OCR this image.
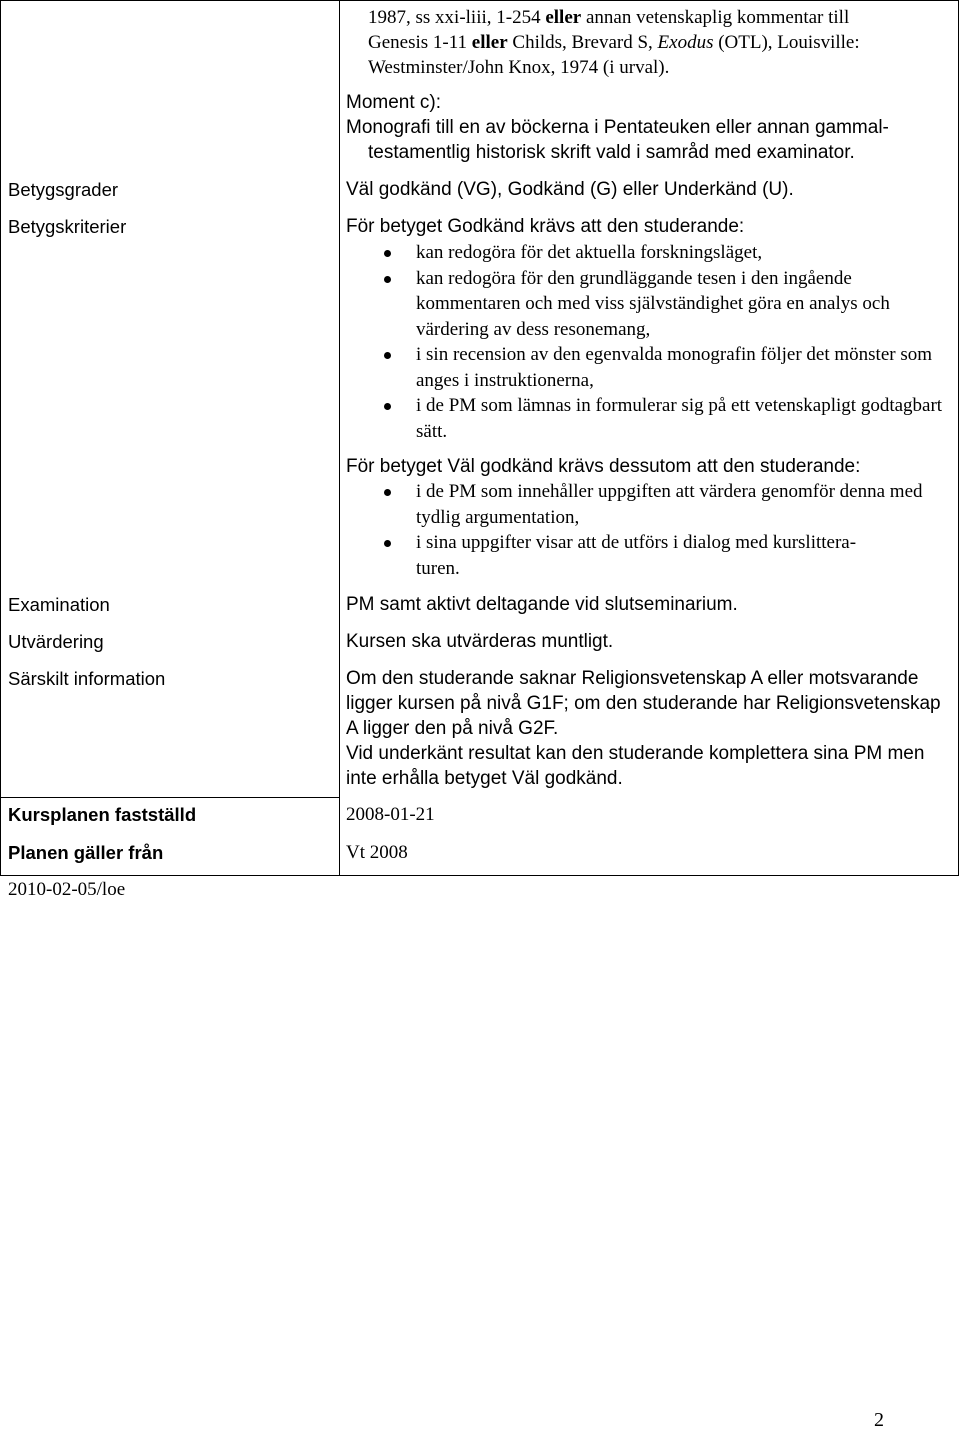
1987, ss xxi-liii, 1-254 eller annan vetenskaplig kommentar till
Genesis 1-11 eller Childs, Brevard S, Exodus (OTL), Louisville:
Westminster/John Knox, 1974 (i urval).
Moment c):
Monografi till en av böckerna i Pentateuken eller annan gammal-
testamentlig historisk skrift vald i samråd med examinator.
Betygsgrader	Väl godkänd (VG), Godkänd (G) eller Underkänd (U).
Betygskriterier	För betyget Godkänd krävs att den studerande:
kan redogöra för det aktuella forskningsläget,
kan redogöra för den grundläggande tesen i den ingående kommentaren och med viss självständighet göra en analys och värdering av dess resonemang,
i sin recension av den egenvalda monografin följer det mönster som anges i instruktionerna,
i de PM som lämnas in formulerar sig på ett vetenskapligt godtagbart sätt.
För betyget Väl godkänd krävs dessutom att den studerande:
i de PM som innehåller uppgiften att värdera genomför denna med tydlig argumentation,
i sina uppgifter visar att de utförs i dialog med kurslittera-
turen.
Examination	PM samt aktivt deltagande vid slutseminarium.
Utvärdering	Kursen ska utvärderas muntligt.
Särskilt information	Om den studerande saknar Religionsvetenskap A eller motsvarande ligger kursen på nivå G1F; om den studerande har Religionsvetenskap A ligger den på nivå G2F.
Vid underkänt resultat kan den studerande komplettera sina PM men inte erhålla betyget Väl godkänd.
Kursplanen fastställd	2008-01-21
Planen gäller från	Vt 2008
2010-02-05/loe
2
